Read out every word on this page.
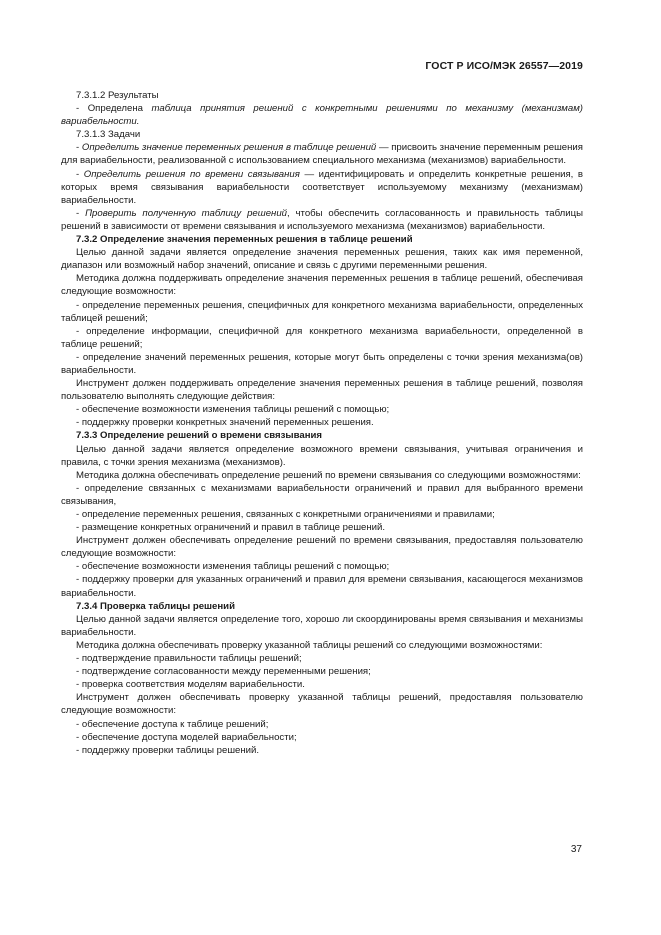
ГОСТ Р ИСО/МЭК 26557—2019

7.3.1.2 Результаты

- Определена таблица принятия решений с конкретными решениями по механизму (механизмам) вариабельности.

7.3.1.3 Задачи

- Определить значение переменных решения в таблице решений — присвоить значение переменным решения для вариабельности, реализованной с использованием специального механизма (механизмов) вариабельности.

- Определить решения по времени связывания — идентифицировать и определить конкретные решения, в которых время связывания вариабельности соответствует используемому механизму (механизмам) вариабельности.

- Проверить полученную таблицу решений, чтобы обеспечить согласованность и правильность таблицы решений в зависимости от времени связывания и используемого механизма (механизмов) вариабельности.

7.3.2 Определение значения переменных решения в таблице решений

Целью данной задачи является определение значения переменных решения, таких как имя переменной, диапазон или возможный набор значений, описание и связь с другими переменными решения.

Методика должна поддерживать определение значения переменных решения в таблице решений, обеспечивая следующие возможности:

- определение переменных решения, специфичных для конкретного механизма вариабельности, определенных таблицей решений;

- определение информации, специфичной для конкретного механизма вариабельности, определенной в таблице решений;

- определение значений переменных решения, которые могут быть определены с точки зрения механизма(ов) вариабельности.

Инструмент должен поддерживать определение значения переменных решения в таблице решений, позволяя пользователю выполнять следующие действия:

- обеспечение возможности изменения таблицы решений с помощью;

- поддержку проверки конкретных значений переменных решения.

7.3.3 Определение решений о времени связывания

Целью данной задачи является определение возможного времени связывания, учитывая ограничения и правила, с точки зрения механизма (механизмов).

Методика должна обеспечивать определение решений по времени связывания со следующими возможностями:

- определение связанных с механизмами вариабельности ограничений и правил для выбранного времени связывания,

- определение переменных решения, связанных с конкретными ограничениями и правилами;

- размещение конкретных ограничений и правил в таблице решений.

Инструмент должен обеспечивать определение решений по времени связывания, предоставляя пользователю следующие возможности:

- обеспечение возможности изменения таблицы решений с помощью;

- поддержку проверки для указанных ограничений и правил для времени связывания, касающегося механизмов вариабельности.

7.3.4 Проверка таблицы решений

Целью данной задачи является определение того, хорошо ли скоординированы время связывания и механизмы вариабельности.

Методика должна обеспечивать проверку указанной таблицы решений со следующими возможностями:

- подтверждение правильности таблицы решений;

- подтверждение согласованности между переменными решения;

- проверка соответствия моделям вариабельности.

Инструмент должен обеспечивать проверку указанной таблицы решений, предоставляя пользователю следующие возможности:

- обеспечение доступа к таблице решений;

- обеспечение доступа моделей вариабельности;

- поддержку проверки таблицы решений.

37
